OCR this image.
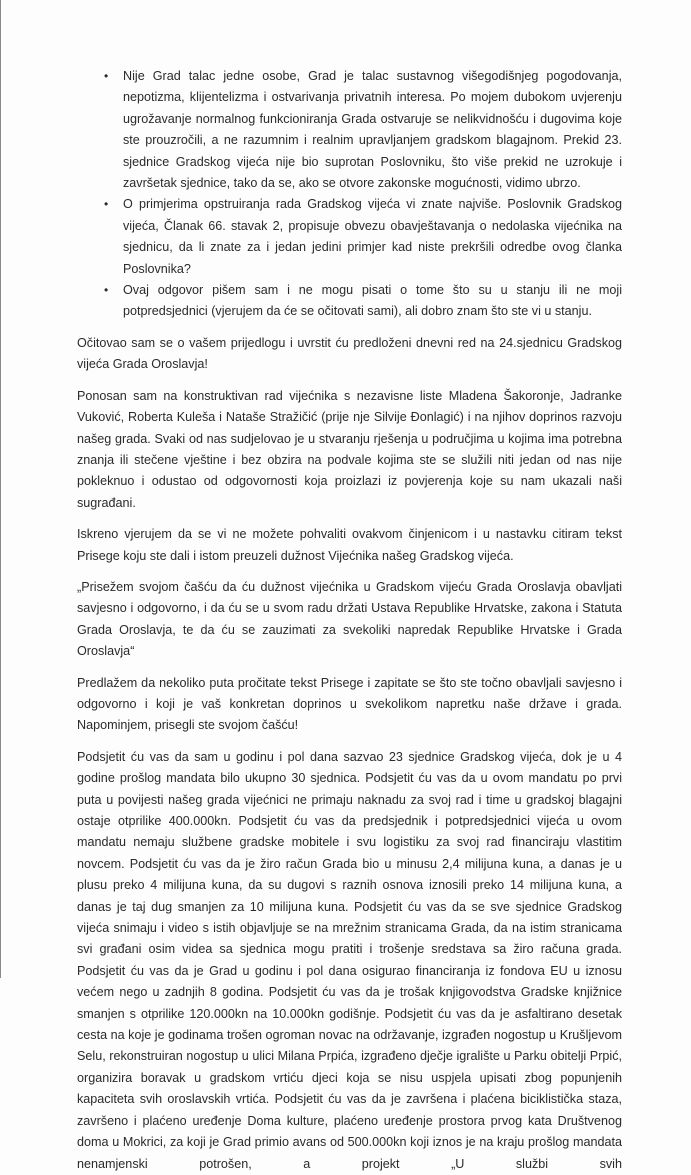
• Nije Grad talac jedne osobe, Grad je talac sustavnog višegodišnjeg pogodovanja, nepotizma, klijentelizma i ostvarivanja privatnih interesa. Po mojem dubokom uvjerenju ugrožavanje normalnog funkcioniranja Grada ostvaruje se nelikvidnošću i dugovima koje ste prouzročili, a ne razumnim i realnim upravljanjem gradskom blagajnom. Prekid 23. sjednice Gradskog vijeća nije bio suprotan Poslovniku, što više prekid ne uzrokuje i završetak sjednice, tako da se, ako se otvore zakonske mogućnosti, vidimo ubrzo.
• O primjerima opstruiranja rada Gradskog vijeća vi znate najviše. Poslovnik Gradskog vijeća, Članak 66. stavak 2, propisuje obvezu obavještavanja o nedolaska vijećnika na sjednicu, da li znate za i jedan jedini primjer kad niste prekršili odredbe ovog članka Poslovnika?
• Ovaj odgovor pišem sam i ne mogu pisati o tome što su u stanju ili ne moji potpredsjednici (vjerujem da će se očitovati sami), ali dobro znam što ste vi u stanju.

Očitovao sam se o vašem prijedlogu i uvrstit ću predloženi dnevni red na 24.sjednicu Gradskog vijeća Grada Oroslavja!

Ponosan sam na konstruktivan rad vijećnika s nezavisne liste Mladena Šakoronje, Jadranke Vuković, Roberta Kuleša i Nataše Stražičić (prije nje Silvije Đonlagić) i na njihov doprinos razvoju našeg grada. Svaki od nas sudjelovao je u stvaranju rješenja u područjima u kojima ima potrebna znanja ili stečene vještine i bez obzira na podvale kojima ste se služili niti jedan od nas nije pokleknuo i odustao od odgovornosti koja proizlazi iz povjerenja koje su nam ukazali naši sugrađani.

Iskreno vjerujem da se vi ne možete pohvaliti ovakvom činjenicom i u nastavku citiram tekst Prisege koju ste dali i istom preuzeli dužnost Vijećnika našeg Gradskog vijeća.

„Prisežem svojom čašću da ću dužnost vijećnika u Gradskom vijeću Grada Oroslavja obavljati savjesno i odgovorno, i da ću se u svom radu držati Ustava Republike Hrvatske, zakona i Statuta Grada Oroslavja, te da ću se zauzimati za svekoliki napredak Republike Hrvatske i Grada Oroslavja“

Predlažem da nekoliko puta pročitate tekst Prisege i zapitate se što ste točno obavljali savjesno i odgovorno i koji je vaš konkretan doprinos u svekolikom napretku naše države i grada. Napominjem, prisegli ste svojom čašću!

Podsjetit ću vas da sam u godinu i pol dana sazvao 23 sjednice Gradskog vijeća, dok je u 4 godine prošlog mandata bilo ukupno 30 sjednica. Podsjetit ću vas da u ovom mandatu po prvi puta u povijesti našeg grada vijećnici ne primaju naknadu za svoj rad i time u gradskoj blagajni ostaje otprilike 400.000kn. Podsjetit ću vas da predsjednik i potpredsjednici vijeća u ovom mandatu nemaju službene gradske mobitele i svu logistiku za svoj rad financiraju vlastitim novcem. Podsjetit ću vas da je žiro račun Grada bio u minusu 2,4 milijuna kuna, a danas je u plusu preko 4 milijuna kuna, da su dugovi s raznih osnova iznosili preko 14 milijuna kuna, a danas je taj dug smanjen za 10 milijuna kuna. Podsjetit ću vas da se sve sjednice Gradskog vijeća snimaju i video s istih objavljuje se na mrežnim stranicama Grada, da na istim stranicama svi građani osim videa sa sjednica mogu pratiti i trošenje sredstava sa žiro računa grada. Podsjetit ću vas da je Grad u godinu i pol dana osigurao financiranja iz fondova EU u iznosu većem nego u zadnjih 8 godina. Podsjetit ću vas da je trošak knjigovodstva Gradske knjižnice smanjen s otprilike 120.000kn na 10.000kn godišnje. Podsjetit ću vas da je asfaltirano desetak cesta na koje je godinama trošen ogroman novac na održavanje, izgrađen nogostup u Krušljevom Selu, rekonstruiran nogostup u ulici Milana Prpića, izgrađeno dječje igralište u Parku obitelji Prpić, organizira boravak u gradskom vrtiću djeci koja se nisu uspjela upisati zbog popunjenih kapaciteta svih oroslavskih vrtića. Podsjetit ću vas da je završena i plaćena biciklistička staza, završeno i plaćeno uređenje Doma kulture, plaćeno uređenje prostora prvog kata Društvenog doma u Mokrici, za koji je Grad primio avans od 500.000kn koji iznos je na kraju prošlog mandata nenamjenski potrošen, a projekt „U službi svih
